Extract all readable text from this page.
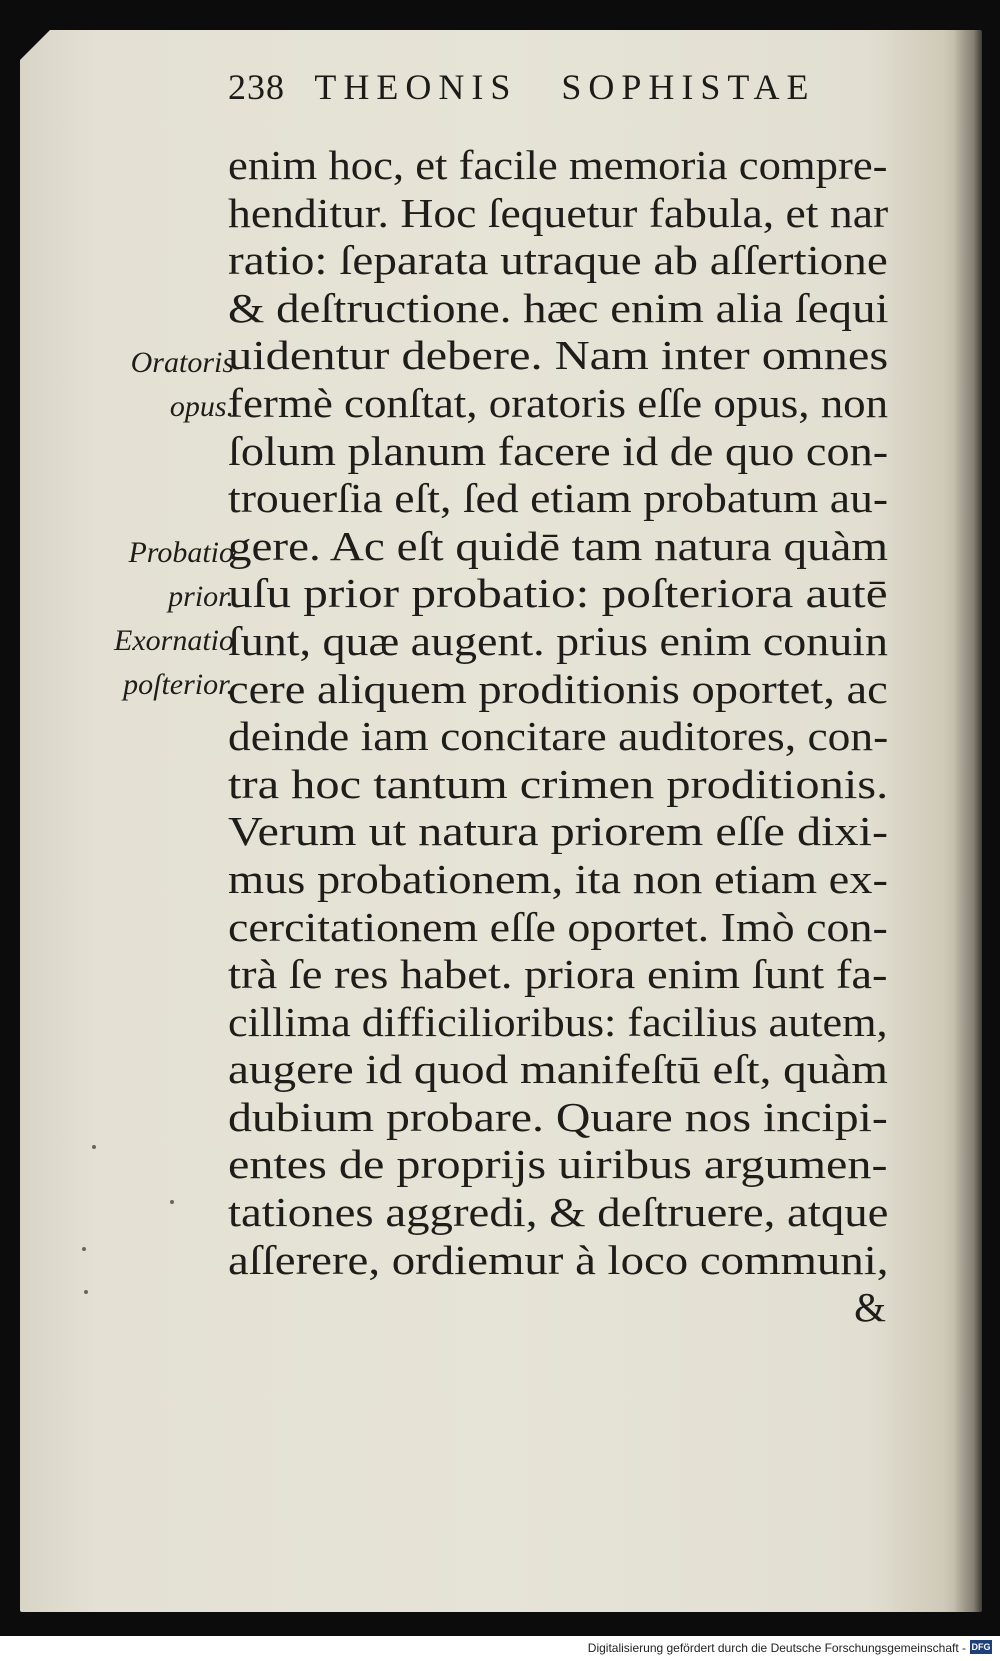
238 THEONIS SOPHISTAE
enim hoc, et facile memoria compre-
henditur. Hoc ſequetur fabula, et nar
ratio: ſeparata utraque ab aſſertione
& deſtructione. hæc enim alia ſequi
uidentur debere. Nam inter omnes
fermè conſtat, oratoris eſſe opus, non
ſolum planum facere id de quo con-
trouerſia eſt, ſed etiam probatum au-
gere. Ac eſt quidē tam natura quàm
uſu prior probatio: poſteriora autē
ſunt, quæ augent. prius enim conuin
cere aliquem proditionis oportet, ac
deinde iam concitare auditores, con-
tra hoc tantum crimen proditionis.
Verum ut natura priorem eſſe dixi-
mus probationem, ita non etiam ex-
cercitationem eſſe oportet. Imò con-
trà ſe res habet. priora enim ſunt fa-
cillima difficilioribus: facilius autem,
augere id quod manifeſtū eſt, quàm
dubium probare. Quare nos incipi-
entes de proprijs uiribus argumen-
tationes aggredi, & deſtruere, atque
aſſerere, ordiemur à loco communi,
&
Oratoris
opus.
Probatio
prior.
Exornatio
poſterior.
Digitalisierung gefördert durch die Deutsche Forschungsgemeinschaft - DFG
